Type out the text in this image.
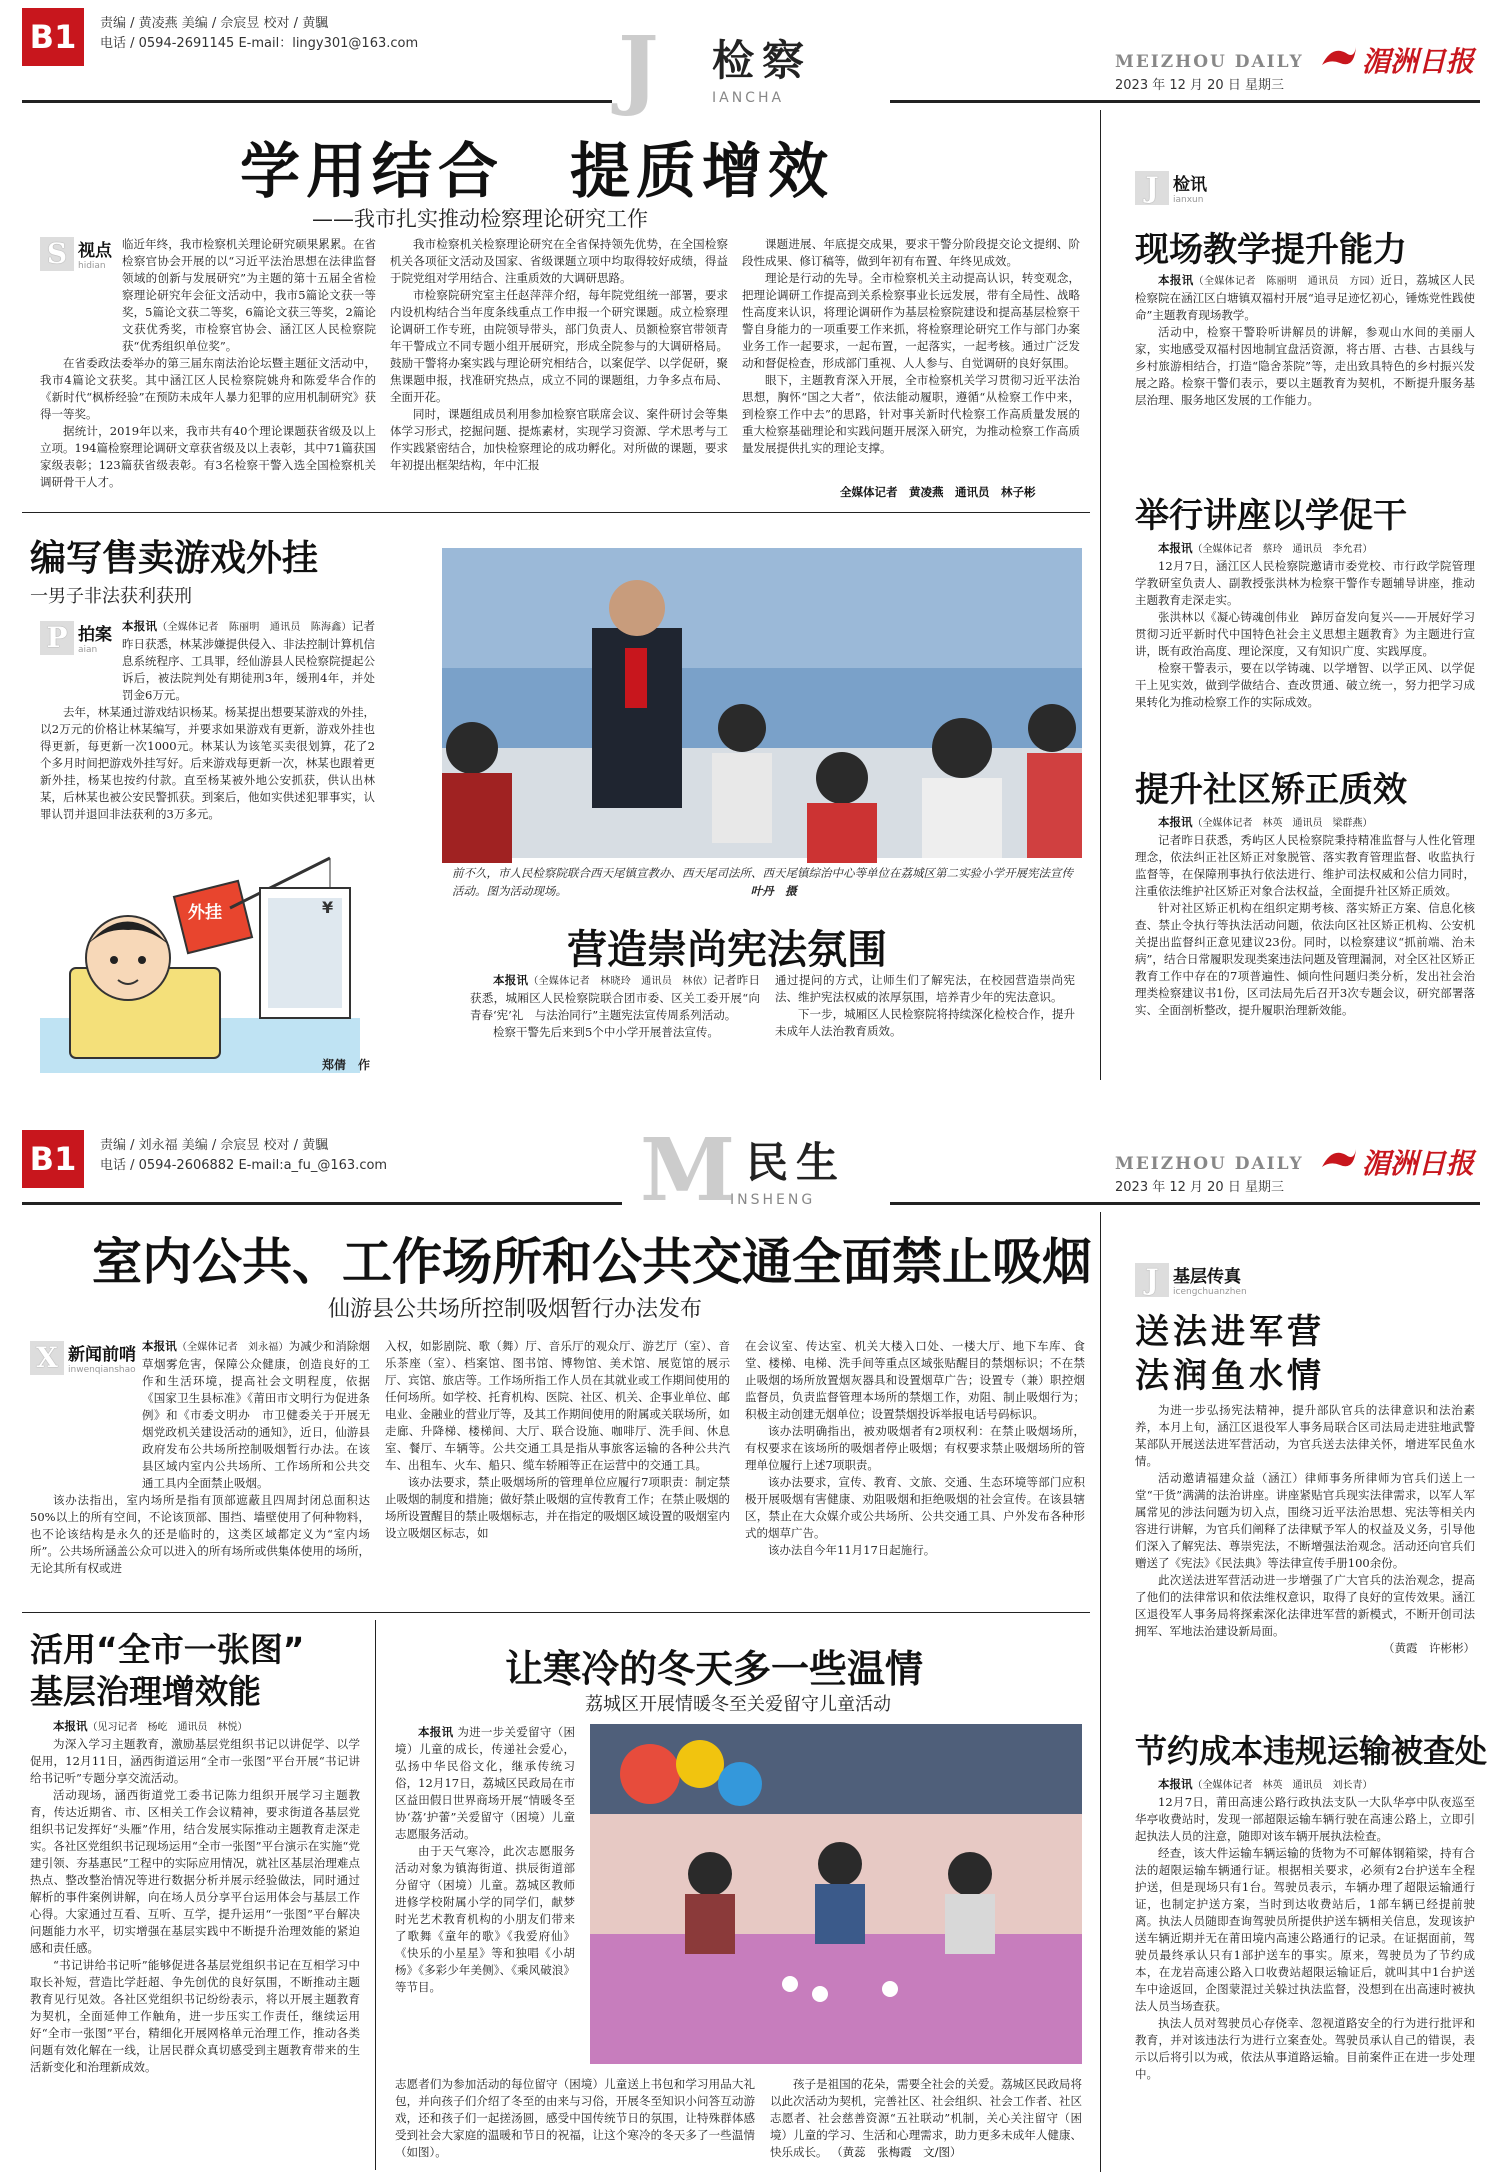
B1	责编 / 黄凌燕 美编 / 佘宸昱 校对 / 黄颿
电话 / 0594-2691145 E-mail：lingy301@163.com J 检察
IANCHA
MEIZHOU DAILY 湄洲日报
2023 年 12 月 20 日 星期三
学用结合　提质增效
——我市扎实推动检察理论研究工作
S 视点
hidian

临近年终，我市检察机关理论研究硕果累累。在省检察官协会开展的以“习近平法治思想在法律监督领域的创新与发展研究”为主题的第十五届全省检察理论研究年会征文活动中，我市5篇论文获一等奖，5篇论文获二等奖，6篇论文获三等奖，2篇论文获优秀奖，市检察官协会、涵江区人民检察院获“优秀组织单位奖”。

在省委政法委举办的第三届东南法治论坛暨主题征文活动中，我市4篇论文获奖。其中涵江区人民检察院姚舟和陈爱华合作的《新时代“枫桥经验”在预防未成年人暴力犯罪的应用机制研究》获得一等奖。

据统计，2019年以来，我市共有40个理论课题获省级及以上立项。194篇检察理论调研文章获省级及以上表彰，其中71篇获国家级表彰；123篇获省级表彰。有3名检察干警入选全国检察机关调研骨干人才。

我市检察机关检察理论研究在全省保持领先优势，在全国检察机关各项征文活动及国家、省级课题立项中均取得较好成绩，得益于院党组对学用结合、注重质效的大调研思路。

市检察院研究室主任赵萍萍介绍，每年院党组统一部署，要求内设机构结合当年度条线重点工作申报一个研究课题。成立检察理论调研工作专班，由院领导带头，部门负责人、员额检察官带领青年干警成立不同专题小组开展研究，形成全院参与的大调研格局。鼓励干警将办案实践与理论研究相结合，以案促学、以学促研，聚焦课题申报，找准研究热点，成立不同的课题组，力争多点布局、全面开花。

同时，课题组成员利用参加检察官联席会议、案件研讨会等集体学习形式，挖掘问题、提炼素材，实现学习资源、学术思考与工作实践紧密结合，加快检察理论的成功孵化。对所做的课题，要求年初提出框架结构，年中汇报

课题进展、年底提交成果，要求干警分阶段提交论文提纲、阶段性成果、修订稿等，做到年初有布置、年终见成效。

理论是行动的先导。全市检察机关主动提高认识，转变观念，把理论调研工作提高到关系检察事业长远发展，带有全局性、战略性高度来认识，将理论调研作为基层检察院建设和提高基层检察干警自身能力的一项重要工作来抓，将检察理论研究工作与部门办案业务工作一起要求，一起布置，一起落实，一起考核。通过广泛发动和督促检查，形成部门重视、人人参与、自觉调研的良好氛围。

眼下，主题教育深入开展，全市检察机关学习贯彻习近平法治思想，胸怀“国之大者”，依法能动履职，遵循“从检察工作中来，到检察工作中去”的思路，针对事关新时代检察工作高质量发展的重大检察基础理论和实践问题开展深入研究，为推动检察工作高质量发展提供扎实的理论支撑。

全媒体记者　黄凌燕　通讯员　林子彬
编写售卖游戏外挂
一男子非法获利获刑
P 拍案
aian

本报讯（全媒体记者　陈丽明　通讯员　陈海鑫）记者昨日获悉，林某涉嫌提供侵入、非法控制计算机信息系统程序、工具罪，经仙游县人民检察院提起公诉后，被法院判处有期徒刑3年，缓刑4年，并处罚金6万元。

去年，林某通过游戏结识杨某。杨某提出想要某游戏的外挂，以2万元的价格让林某编写，并要求如果游戏有更新，游戏外挂也得更新，每更新一次1000元。林某认为该笔买卖很划算，花了2个多月时间把游戏外挂写好。后来游戏每更新一次，林某也跟着更新外挂，杨某也按约付款。直至杨某被外地公安抓获，供认出林某，后林某也被公安民警抓获。到案后，他如实供述犯罪事实，认罪认罚并退回非法获利的3万多元。

外挂	¥
郑倩　作
前不久，市人民检察院联合西天尾镇宣教办、西天尾司法所、西天尾镇综治中心等单位在荔城区第二实验小学开展宪法宣传活动。图为活动现场。	叶丹　摄
营造崇尚宪法氛围

本报讯（全媒体记者　林晓玲　通讯员　林依）记者昨日获悉，城厢区人民检察院联合团市委、区关工委开展“向青春‘宪’礼　与法治同行”主题宪法宣传周系列活动。

检察干警先后来到5个中小学开展普法宣传。

通过提问的方式，让师生们了解宪法，在校园营造崇尚宪法、维护宪法权威的浓厚氛围，培养青少年的宪法意识。

下一步，城厢区人民检察院将持续深化检校合作，提升未成年人法治教育质效。

J 检讯
ianxun
现场教学提升能力

本报讯（全媒体记者　陈丽明　通讯员　方园）近日，荔城区人民检察院在涵江区白塘镇双福村开展“追寻足迹忆初心，锤炼党性践使命”主题教育现场教学。

活动中，检察干警聆听讲解员的讲解，参观山水间的美丽人家，实地感受双福村因地制宜盘活资源，将古厝、古巷、古县线与乡村旅游相结合，打造“隐舍茶院”等，走出致具特色的乡村振兴发展之路。检察干警们表示，要以主题教育为契机，不断提升服务基层治理、服务地区发展的工作能力。

举行讲座以学促干

本报讯（全媒体记者　蔡玲　通讯员　李允君）

12月7日，涵江区人民检察院邀请市委党校、市行政学院管理学教研室负责人、副教授张洪林为检察干警作专题辅导讲座，推动主题教育走深走实。

张洪林以《凝心铸魂创伟业　踔厉奋发向复兴——开展好学习贯彻习近平新时代中国特色社会主义思想主题教育》为主题进行宣讲，既有政治高度、理论深度，又有知识广度、实践厚度。

检察干警表示，要在以学铸魂、以学增智、以学正风、以学促干上见实效，做到学做结合、查改贯通、破立统一，努力把学习成果转化为推动检察工作的实际成效。

提升社区矫正质效

本报讯（全媒体记者　林英　通讯员　梁群燕）

记者昨日获悉，秀屿区人民检察院秉持精准监督与人性化管理理念，依法纠正社区矫正对象脱管、落实教育管理监督、收监执行监督等，在保障刑事执行依法进行、维护司法权威和公信力同时，注重依法维护社区矫正对象合法权益，全面提升社区矫正质效。

针对社区矫正机构在组织定期考核、落实矫正方案、信息化核查、禁止令执行等执法活动问题，依法向区社区矫正机构、公安机关提出监督纠正意见建议23份。同时，以检察建议“抓前端、治未病”，结合日常履职发现类案违法问题及管理漏洞，对全区社区矫正教育工作中存在的7项普遍性、倾向性问题归类分析，发出社会治理类检察建议书1份，区司法局先后召开3次专题会议，研究部署落实、全面剖析整改，提升履职治理新效能。

B1	责编 / 刘永福 美编 / 佘宸昱 校对 / 黄颿
电话 / 0594-2606882 E-mail:a_fu_@163.com	M 民生
INSHENG
MEIZHOU DAILY 湄洲日报
2023 年 12 月 20 日 星期三
室内公共、工作场所和公共交通全面禁止吸烟
仙游县公共场所控制吸烟暂行办法发布
X 新闻前哨
inwenqianshao

本报讯（全媒体记者　刘永福）为减少和消除烟草烟雾危害，保障公众健康，创造良好的工作和生活环境，提高社会文明程度，依据《国家卫生县标准》《莆田市文明行为促进条例》和《市委文明办　市卫健委关于开展无烟党政机关建设活动的通知》，近日，仙游县政府发布公共场所控制吸烟暂行办法。在该县区域内室内公共场所、工作场所和公共交通工具内全面禁止吸烟。

该办法指出，室内场所是指有顶部遮蔽且四周封闭总面积达50%以上的所有空间，不论该顶部、围挡、墙壁使用了何种物料，也不论该结构是永久的还是临时的，这类区域都定义为“室内场所”。公共场所涵盖公众可以进入的所有场所或供集体使用的场所，无论其所有权或进

入权，如影剧院、歌（舞）厅、音乐厅的观众厅、游艺厅（室）、音乐茶座（室）、档案馆、图书馆、博物馆、美术馆、展览馆的展示厅、宾馆、旅店等。工作场所指工作人员在其就业或工作期间使用的任何场所。如学校、托育机构、医院、社区、机关、企事业单位、邮电业、金融业的营业厅等，及其工作期间使用的附属或关联场所，如走廊、升降梯、楼梯间、大厅、联合设施、咖啡厅、洗手间、休息室、餐厅、车辆等。公共交通工具是指从事旅客运输的各种公共汽车、出租车、火车、船只、缆车轿厢等正在运营中的交通工具。

该办法要求，禁止吸烟场所的管理单位应履行7项职责：制定禁止吸烟的制度和措施；做好禁止吸烟的宣传教育工作；在禁止吸烟的场所设置醒目的禁止吸烟标志，并在指定的吸烟区域设置的吸烟室内设立吸烟区标志，如

在会议室、传达室、机关大楼入口处、一楼大厅、地下车库、食堂、楼梯、电梯、洗手间等重点区域张贴醒目的禁烟标识；不在禁止吸烟的场所放置烟灰器具和设置烟草广告；设置专（兼）职控烟监督员，负责监督管理本场所的禁烟工作，劝阻、制止吸烟行为；积极主动创建无烟单位；设置禁烟投诉举报电话号码标识。

该办法明确指出，被劝吸烟者有2项权利：在禁止吸烟场所，有权要求在该场所的吸烟者停止吸烟；有权要求禁止吸烟场所的管理单位履行上述7项职责。

该办法要求，宣传、教育、文旅、交通、生态环境等部门应积极开展吸烟有害健康、劝阻吸烟和拒绝吸烟的社会宣传。在该县辖区，禁止在大众媒介或公共场所、公共交通工具、户外发布各种形式的烟草广告。

该办法自今年11月17日起施行。

活用“全市一张图”
基层治理增效能

本报讯（见习记者　杨屹　通讯员　林悦）

为深入学习主题教育，激励基层党组织书记以讲促学、以学促用，12月11日，涵西街道运用“全市一张图”平台开展“书记讲给书记听”专题分享交流活动。

活动现场，涵西街道党工委书记陈力组织开展学习主题教育，传达近期省、市、区相关工作会议精神，要求街道各基层党组织书记发挥好“头雁”作用，结合发展实际推动主题教育走深走实。各社区党组织书记现场运用“全市一张图”平台演示在实施“党建引领、夯基惠民”工程中的实际应用情况，就社区基层治理难点热点、整改整治情况等进行数据分析并展示经验做法，同时通过解析的事件案例讲解，向在场人员分享平台运用体会与基层工作心得。大家通过互看、互听、互学，提升运用“一张图”平台解决问题能力水平，切实增强在基层实践中不断提升治理效能的紧迫感和责任感。

“书记讲给书记听”能够促进各基层党组织书记在互相学习中取长补短，营造比学赶超、争先创优的良好氛围，不断推动主题教育见行见效。各社区党组织书记纷纷表示，将以开展主题教育为契机，全面延伸工作触角，进一步压实工作责任，继续运用好“全市一张图”平台，精细化开展网格单元治理工作，推动各类问题有效化解在一线，让居民群众真切感受到主题教育带来的生活新变化和治理新成效。

让寒冷的冬天多一些温情
荔城区开展情暖冬至关爱留守儿童活动

本报讯 为进一步关爱留守（困境）儿童的成长，传递社会爱心，弘扬中华民俗文化，继承传统习俗，12月17日，荔城区民政局在市区益田假日世界商场开展“情暖冬至　协‘荔’护蕾”关爱留守（困境）儿童志愿服务活动。

由于天气寒冷，此次志愿服务活动对象为镇海街道、拱辰街道部分留守（困境）儿童。荔城区教师进修学校附属小学的同学们，献梦时光艺术教育机构的小朋友们带来了歌舞《童年的歌》《我爱府仙》《快乐的小星星》等和独唱《小胡杨》《多彩少年美侧》、《乘风破浪》等节目。

志愿者们为参加活动的每位留守（困境）儿童送上书包和学习用品大礼包，并向孩子们介绍了冬至的由来与习俗，开展冬至知识小问答互动游戏，还和孩子们一起搓汤圆，感受中国传统节日的氛围，让特殊群体感受到社会大家庭的温暖和节日的祝福，让这个寒冷的冬天多了一些温情（如图）。

孩子是祖国的花朵，需要全社会的关爱。荔城区民政局将以此次活动为契机，完善社区、社会组织、社会工作者、社区志愿者、社会慈善资源“五社联动”机制，关心关注留守（困境）儿童的学习、生活和心理需求，助力更多未成年人健康、快乐成长。 （黄蕊　张梅霞　文/图）

J 基层传真
icengchuanzhen
送法进军营
法润鱼水情

为进一步弘扬宪法精神，提升部队官兵的法律意识和法治素养，本月上旬，涵江区退役军人事务局联合区司法局走进驻地武警某部队开展送法进军营活动，为官兵送去法律关怀，增进军民鱼水情。

活动邀请福建众益（涵江）律师事务所律师为官兵们送上一堂“干货”满满的法治讲座。讲座紧贴官兵现实法律需求，以军人军属常见的涉法问题为切入点，围绕习近平法治思想、宪法等相关内容进行讲解，为官兵们阐释了法律赋予军人的权益及义务，引导他们深入了解宪法、尊崇宪法，不断增强法治观念。活动还向官兵们赠送了《宪法》《民法典》等法律宣传手册100余份。

此次送法进军营活动进一步增强了广大官兵的法治观念，提高了他们的法律常识和依法维权意识，取得了良好的宣传效果。涵江区退役军人事务局将探索深化法律进军营的新模式，不断开创司法拥军、军地法治建设新局面。

（黄霞　许彬彬）

节约成本违规运输被查处

本报讯（全媒体记者　林英　通讯员　刘长青）

12月7日，莆田高速公路行政执法支队一大队华亭中队夜巡至华亭收费站时，发现一部超限运输车辆行驶在高速公路上，立即引起执法人员的注意，随即对该车辆开展执法检查。

经查，该大件运输车辆运输的货物为不可解体钢箱梁，持有合法的超限运输车辆通行证。根据相关要求，必须有2台护送车全程护送，但是现场只有1台。驾驶员表示，车辆办理了超限运输通行证，也制定护送方案，当时到达收费站后，1部车辆已经提前驶离。执法人员随即查询驾驶员所提供护送车辆相关信息，发现该护送车辆近期并无在莆田境内高速公路通行的记录。在证据面前，驾驶员最终承认只有1部护送车的事实。原来，驾驶员为了节约成本，在龙岩高速公路入口收费站超限运输证后，就叫其中1台护送车中途返回，企图蒙混过关躲过执法监督，没想到在出高速时被执法人员当场查获。

执法人员对驾驶员心存侥幸、忽视道路安全的行为进行批评和教育，并对该违法行为进行立案查处。驾驶员承认自己的错误，表示以后将引以为戒，依法从事道路运输。目前案件正在进一步处理中。
